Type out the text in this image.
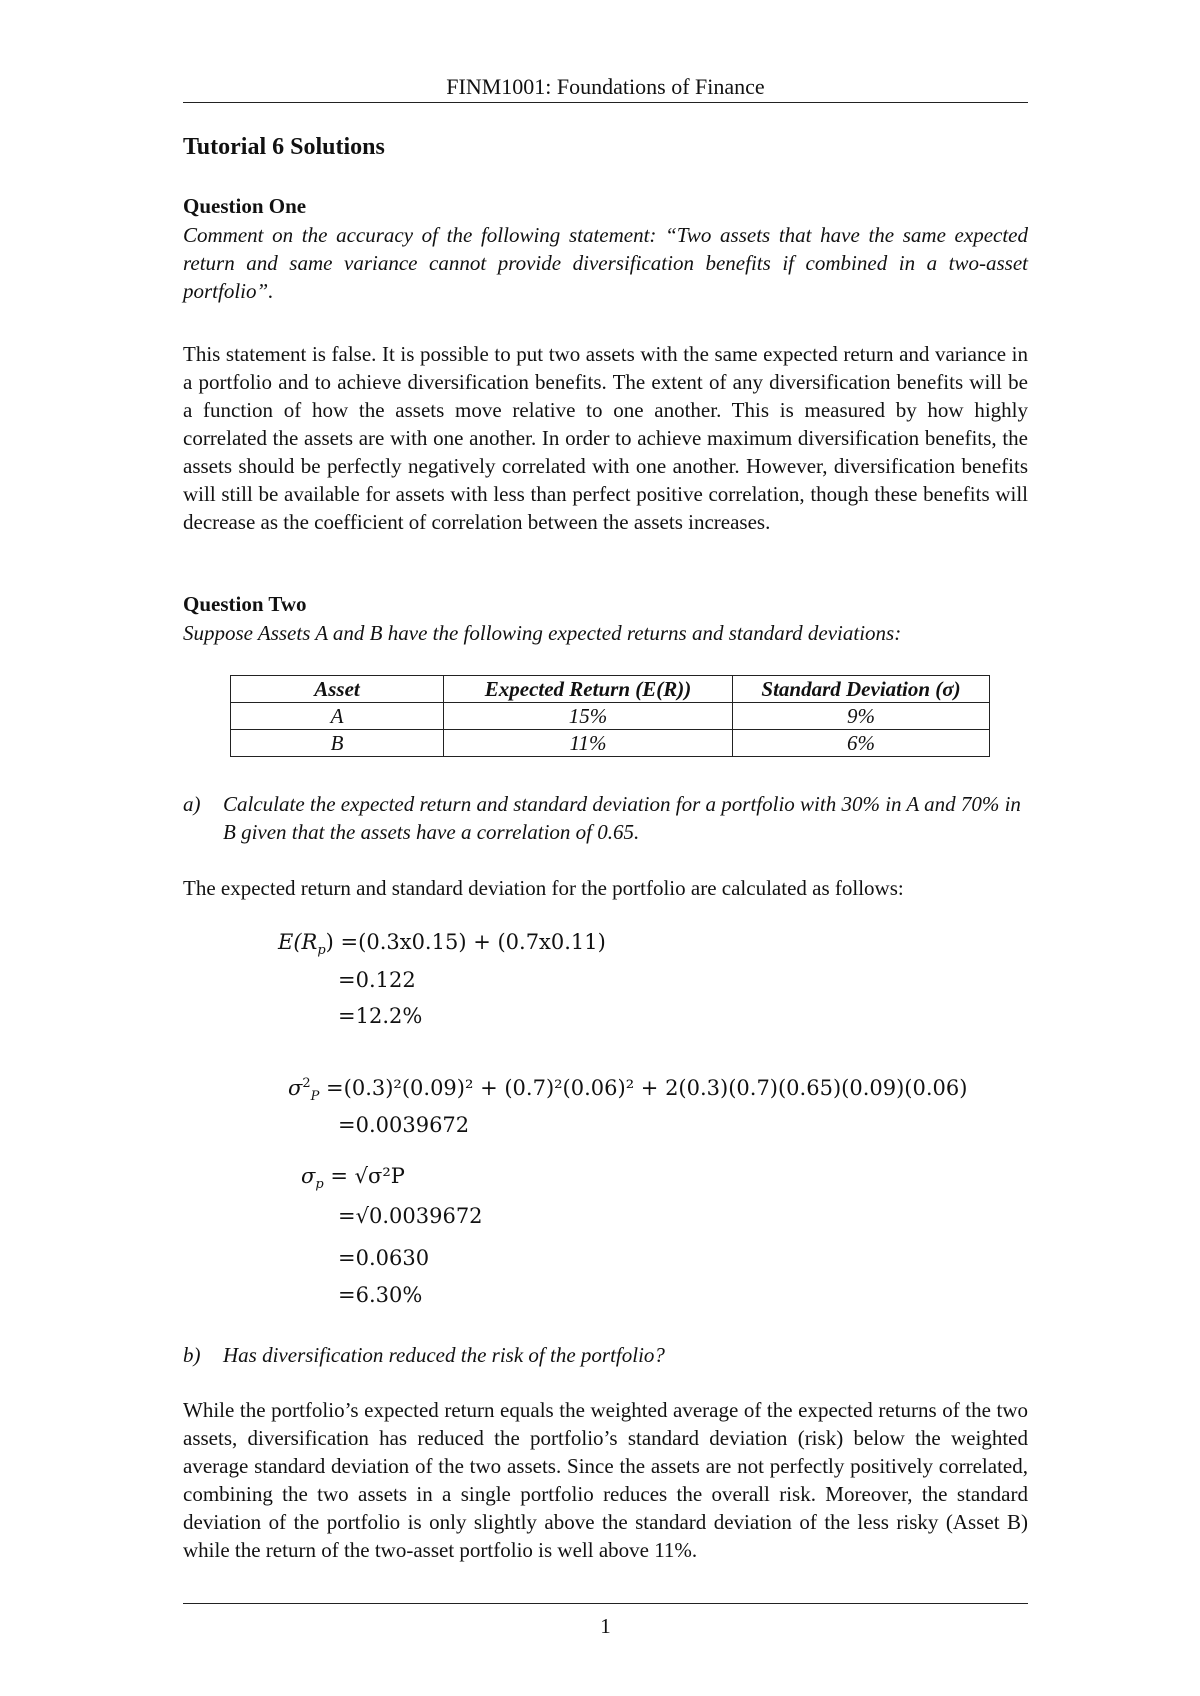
FINM1001: Foundations of Finance
Tutorial 6 Solutions
Question One
Comment on the accuracy of the following statement: “Two assets that have the same expected return and same variance cannot provide diversification benefits if combined in a two-asset portfolio”.
This statement is false. It is possible to put two assets with the same expected return and variance in a portfolio and to achieve diversification benefits. The extent of any diversification benefits will be a function of how the assets move relative to one another. This is measured by how highly correlated the assets are with one another. In order to achieve maximum diversification benefits, the assets should be perfectly negatively correlated with one another. However, diversification benefits will still be available for assets with less than perfect positive correlation, though these benefits will decrease as the coefficient of correlation between the assets increases.
Question Two
Suppose Assets A and B have the following expected returns and standard deviations:
Asset	Expected Return (E(R))	Standard Deviation (σ)
A	15%	9%
B	11%	6%
a) Calculate the expected return and standard deviation for a portfolio with 30% in A and 70% in B given that the assets have a correlation of 0.65.
The expected return and standard deviation for the portfolio are calculated as follows:
$E(R_p) =(0.3x0.15) + (0.7x0.11)$
=0.122
=12.2%
$\sigma^2_P =(0.3)^2(0.09)^2 + (0.7)^2(0.06)^2 + 2(0.3)(0.7)(0.65)(0.09)(0.06)$
=0.0039672
$\sigma_p = √\sigma^2P$
=√0.0039672
=0.0630
=6.30%
b) Has diversification reduced the risk of the portfolio?
While the portfolio’s expected return equals the weighted average of the expected returns of the two assets, diversification has reduced the portfolio’s standard deviation (risk) below the weighted average standard deviation of the two assets. Since the assets are not perfectly positively correlated, combining the two assets in a single portfolio reduces the overall risk. Moreover, the standard deviation of the portfolio is only slightly above the standard deviation of the less risky (Asset B) while the return of the two-asset portfolio is well above 11%.
1
